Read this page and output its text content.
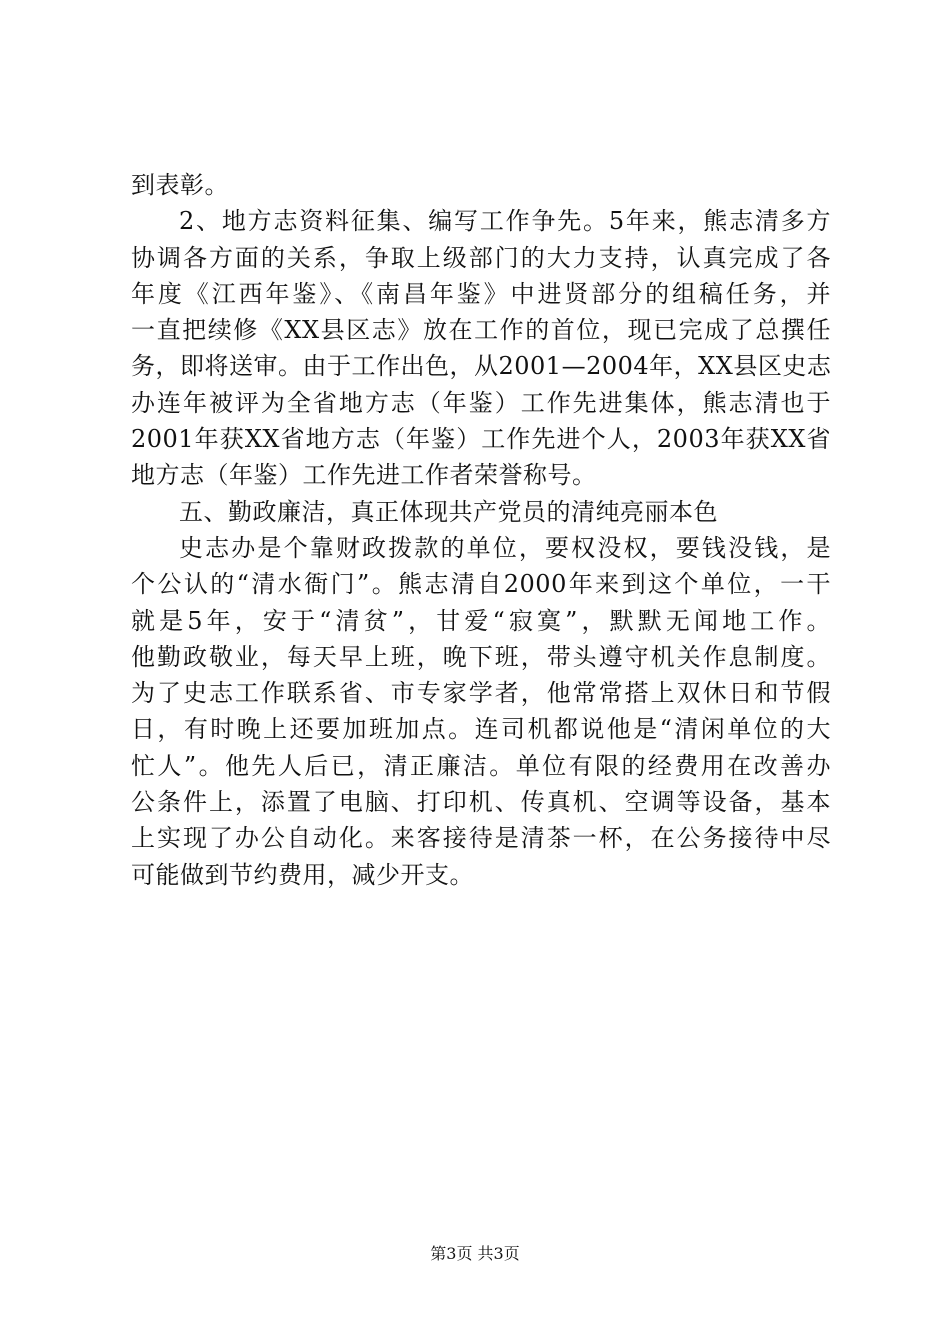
到表彰。
2、地方志资料征集、编写工作争先。5年来，熊志清多方
协调各方面的关系，争取上级部门的大力支持，认真完成了各
年度《江西年鉴》、《南昌年鉴》中进贤部分的组稿任务，并
一直把续修《XX县区志》放在工作的首位，现已完成了总撰任
务，即将送审。由于工作出色，从2001—2004年，XX县区史志
办连年被评为全省地方志（年鉴）工作先进集体，熊志清也于
2001年获XX省地方志（年鉴）工作先进个人，2003年获XX省
地方志（年鉴）工作先进工作者荣誉称号。
五、勤政廉洁，真正体现共产党员的清纯亮丽本色
史志办是个靠财政拨款的单位，要权没权，要钱没钱，是
个公认的“清水衙门”。熊志清自2000年来到这个单位，一干
就是5年，安于“清贫”，甘爱“寂寞”，默默无闻地工作。
他勤政敬业，每天早上班，晚下班，带头遵守机关作息制度。
为了史志工作联系省、市专家学者，他常常搭上双休日和节假
日，有时晚上还要加班加点。连司机都说他是“清闲单位的大
忙人”。他先人后已，清正廉洁。单位有限的经费用在改善办
公条件上，添置了电脑、打印机、传真机、空调等设备，基本
上实现了办公自动化。来客接待是清茶一杯，在公务接待中尽
可能做到节约费用，减少开支。
第3页 共3页
